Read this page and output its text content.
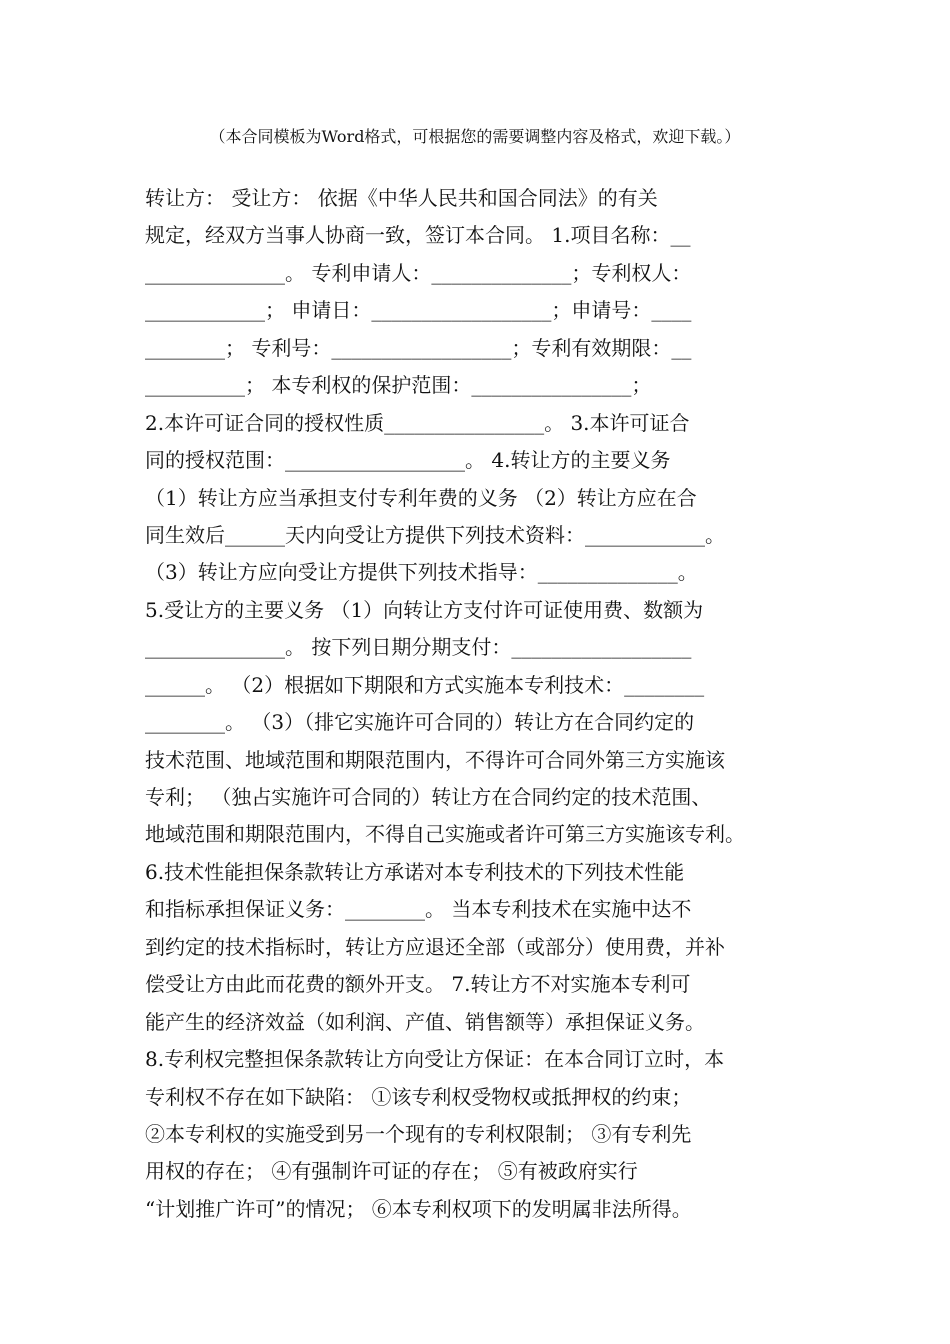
（本合同模板为Word格式，可根据您的需要调整内容及格式，欢迎下载。）
转让方： 受让方： 依据《中华人民共和国合同法》的有关
规定，经双方当事人协商一致，签订本合同。 1.项目名称：__
______________。 专利申请人：______________；专利权人：
____________； 申请日：__________________；申请号：____
________； 专利号：__________________；专利有效期限：__
__________； 本专利权的保护范围：________________；
2.本许可证合同的授权性质________________。 3.本许可证合
同的授权范围：__________________。 4.转让方的主要义务
（1）转让方应当承担支付专利年费的义务 （2）转让方应在合
同生效后______天内向受让方提供下列技术资料：____________。
（3）转让方应向受让方提供下列技术指导：______________。
5.受让方的主要义务 （1）向转让方支付许可证使用费、数额为
______________。 按下列日期分期支付：__________________
______。 （2）根据如下期限和方式实施本专利技术：________
________。 （3）（排它实施许可合同的）转让方在合同约定的
技术范围、地域范围和期限范围内，不得许可合同外第三方实施该
专利； （独占实施许可合同的）转让方在合同约定的技术范围、
地域范围和期限范围内，不得自己实施或者许可第三方实施该专利。
6.技术性能担保条款转让方承诺对本专利技术的下列技术性能
和指标承担保证义务：________。 当本专利技术在实施中达不
到约定的技术指标时，转让方应退还全部（或部分）使用费，并补
偿受让方由此而花费的额外开支。 7.转让方不对实施本专利可
能产生的经济效益（如利润、产值、销售额等）承担保证义务。
8.专利权完整担保条款转让方向受让方保证：在本合同订立时，本
专利权不存在如下缺陷： ①该专利权受物权或抵押权的约束；
②本专利权的实施受到另一个现有的专利权限制； ③有专利先
用权的存在； ④有强制许可证的存在； ⑤有被政府实行
“计划推广许可”的情况； ⑥本专利权项下的发明属非法所得。
